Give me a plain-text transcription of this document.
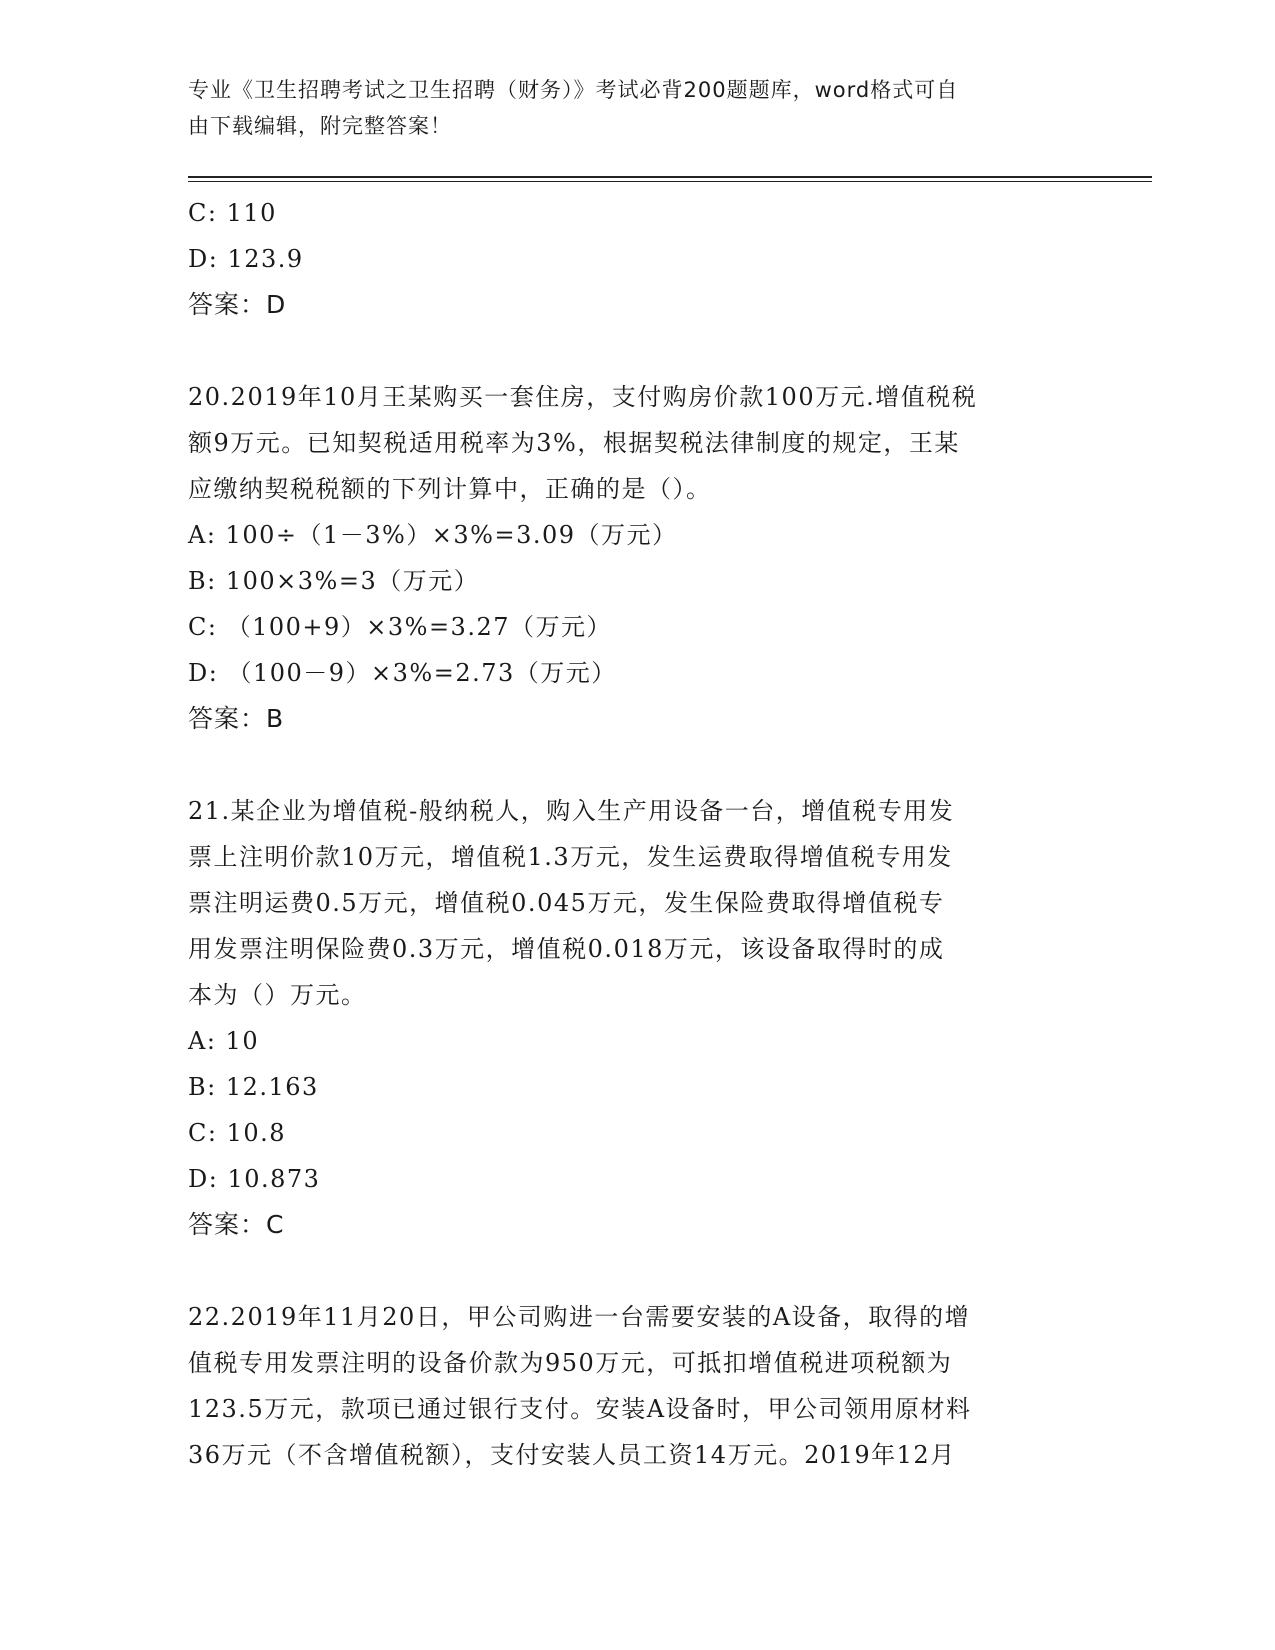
专业《卫生招聘考试之卫生招聘（财务）》考试必背200题题库，word格式可自
由下载编辑，附完整答案！
C: 110
D: 123.9
答案：D
20.2019年10月王某购买一套住房，支付购房价款100万元.增值税税
额9万元。已知契税适用税率为3%，根据契税法律制度的规定，王某
应缴纳契税税额的下列计算中，正确的是（）。
A: 100÷（1－3%）×3%=3.09（万元）
B: 100×3%=3（万元）
C: （100+9）×3%=3.27（万元）
D: （100－9）×3%=2.73（万元）
答案：B
21.某企业为增值税-般纳税人，购入生产用设备一台，增值税专用发
票上注明价款10万元，增值税1.3万元，发生运费取得增值税专用发
票注明运费0.5万元，增值税0.045万元，发生保险费取得增值税专
用发票注明保险费0.3万元，增值税0.018万元，该设备取得时的成
本为（）万元。
A: 10
B: 12.163
C: 10.8
D: 10.873
答案：C
22.2019年11月20日，甲公司购进一台需要安装的A设备，取得的增
值税专用发票注明的设备价款为950万元，可抵扣增值税进项税额为
123.5万元，款项已通过银行支付。安装A设备时，甲公司领用原材料
36万元（不含增值税额），支付安装人员工资14万元。2019年12月
